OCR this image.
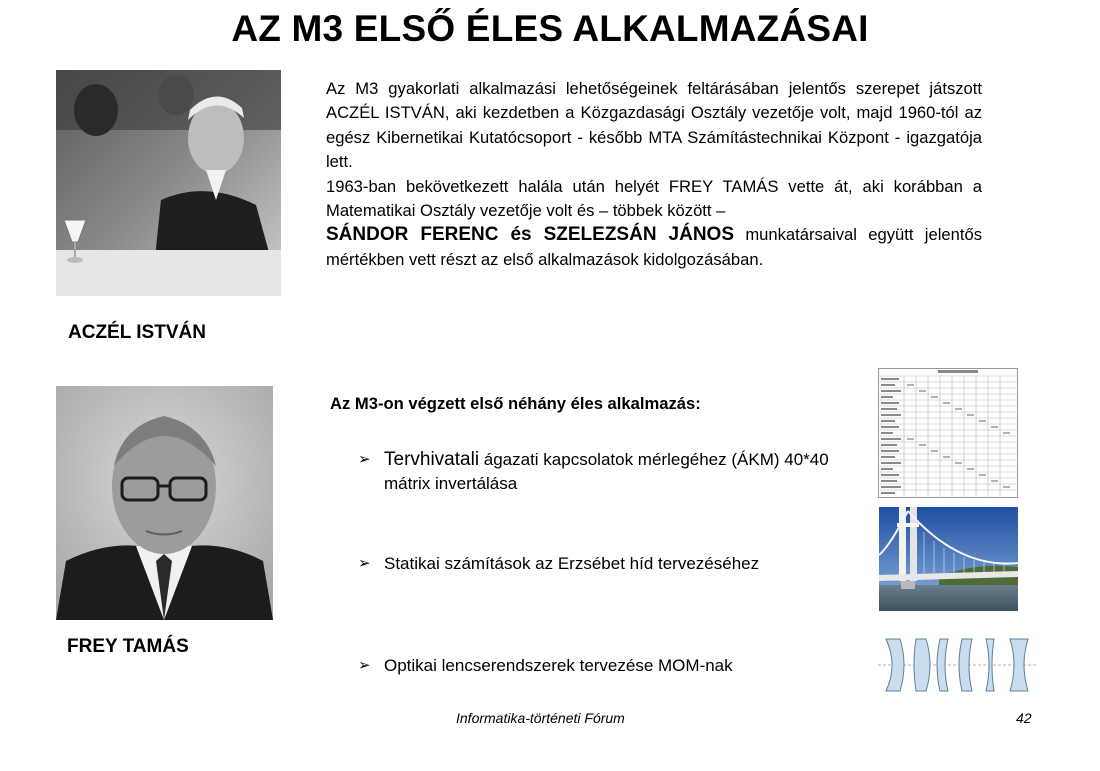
AZ M3 ELSŐ ÉLES ALKALMAZÁSAI
ACZÉL ISTVÁN
FREY TAMÁS

Az M3 gyakorlati alkalmazási lehetőségeinek feltárásában jelentős szerepet játszott ACZÉL ISTVÁN, aki kezdetben a Közgazdasági Osztály vezetője volt, majd 1960-tól az egész Kibernetikai Kutatócsoport - később MTA Számítástechnikai Központ - igazgatója lett.

1963-ban bekövetkezett halála után helyét FREY TAMÁS vette át, aki korábban a Matematikai Osztály vezetője volt és – többek között –
SÁNDOR FERENC és SZELEZSÁN JÁNOS munkatársaival együtt jelentős mértékben vett részt az első alkalmazások kidolgozásában.

Az M3-on végzett első néhány éles alkalmazás:
➢ Tervhivatali ágazati kapcsolatok mérlegéhez (ÁKM) 40*40 mátrix invertálása
➢ Statikai számítások az Erzsébet híd tervezéséhez
➢ Optikai lencserendszerek tervezése MOM-nak
Informatika-történeti Fórum	42
